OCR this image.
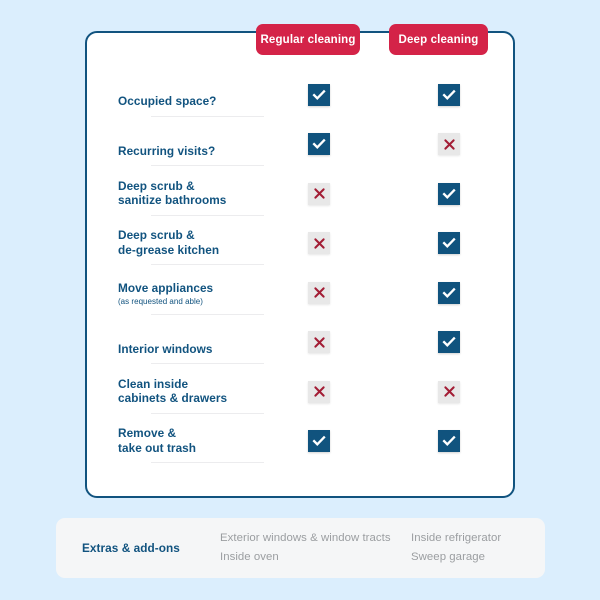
Regular cleaning	Deep cleaning
Occupied space?
Recurring visits?
Deep scrub &
sanitize bathrooms
Deep scrub &
de-grease kitchen
Move appliances
(as requested and able)
Interior windows
Clean inside
cabinets & drawers
Remove &
take out trash
Extras & add-ons
Exterior windows & window tracts
Inside oven
Inside refrigerator
Sweep garage
